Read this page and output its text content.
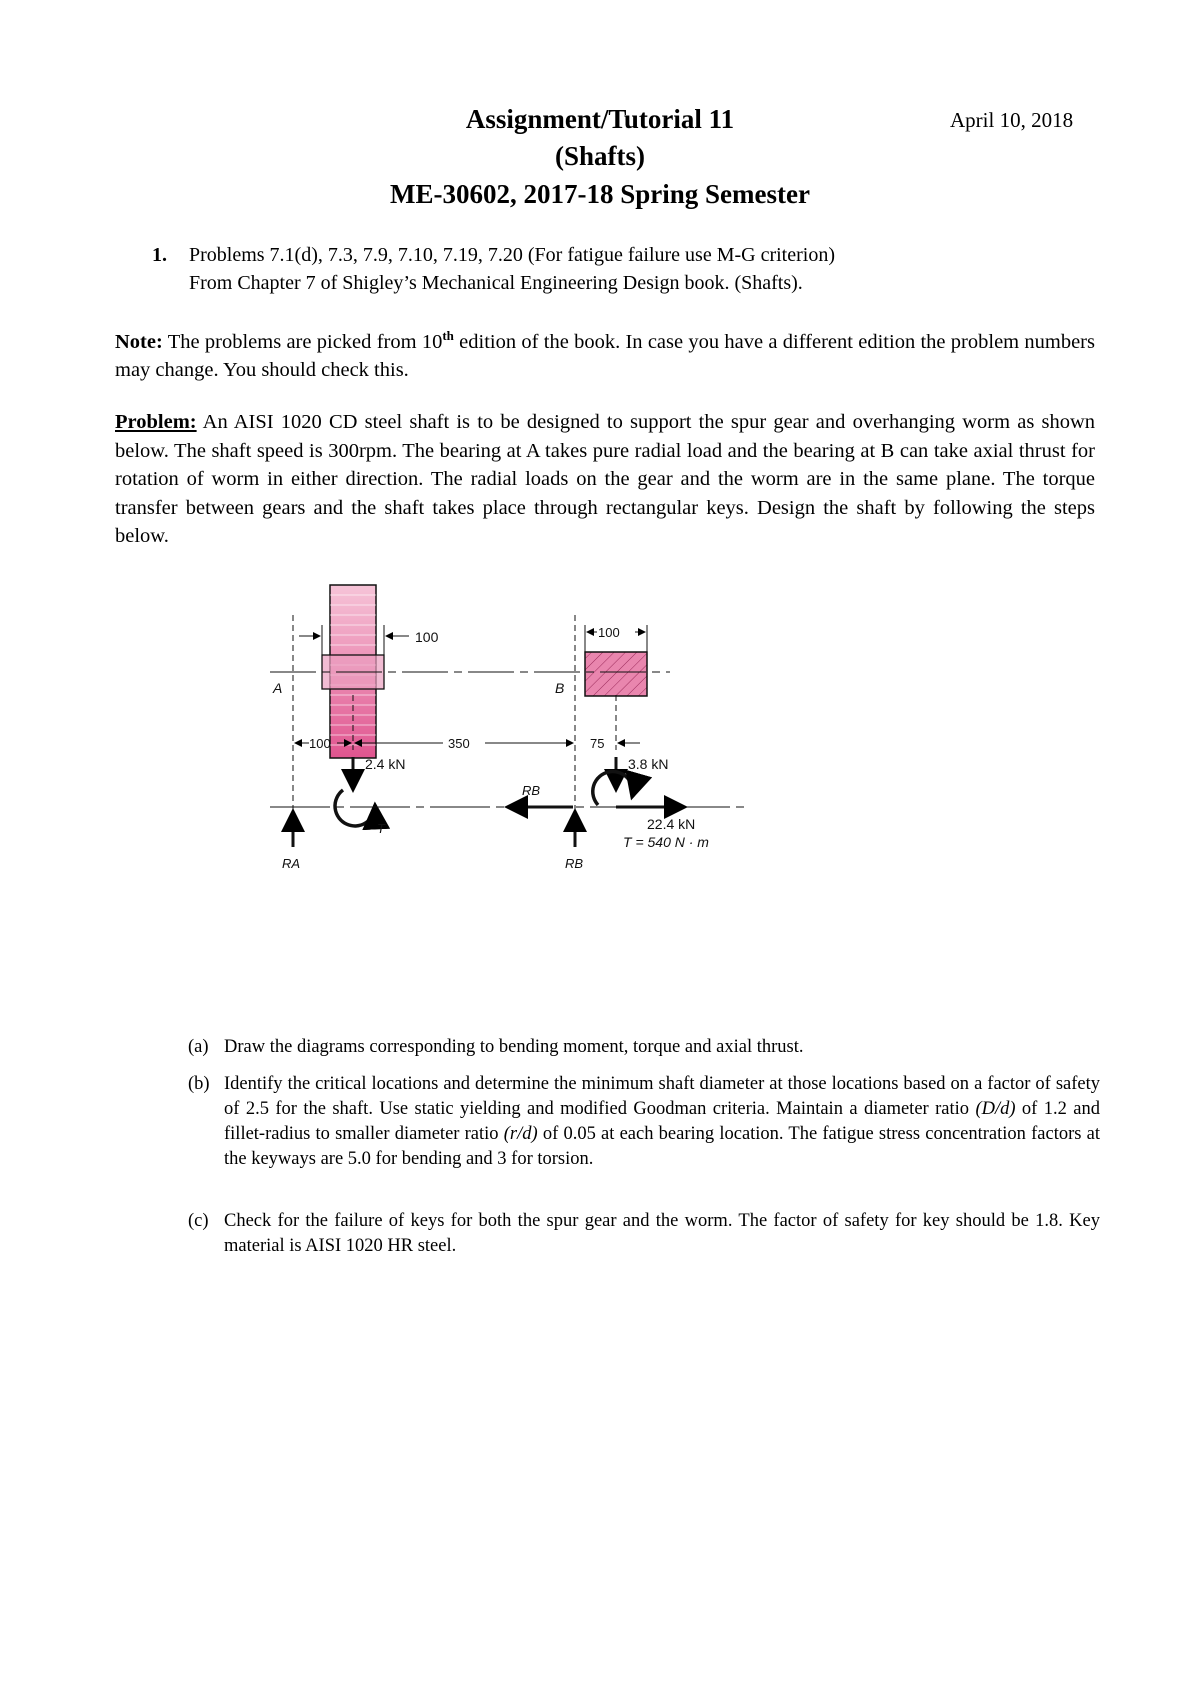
April 10, 2018
Assignment/Tutorial 11
(Shafts)
ME-30602, 2017-18 Spring Semester
1. Problems 7.1(d), 7.3, 7.9, 7.10, 7.19, 7.20 (For fatigue failure use M-G criterion)
From Chapter 7 of Shigley’s Mechanical Engineering Design book. (Shafts).
Note: The problems are picked from 10th edition of the book. In case you have a different edition the problem numbers may change. You should check this.
Problem: An AISI 1020 CD steel shaft is to be designed to support the spur gear and overhanging worm as shown below. The shaft speed is 300rpm. The bearing at A takes pure radial load and the bearing at B can take axial thrust for rotation of worm in either direction. The radial loads on the gear and the worm are in the same plane. The torque transfer between gears and the shaft takes place through rectangular keys. Design the shaft by following the steps below.
100	100
A	B
100	350	75
2.4 kN
T
3.8 kN
RB
22.4 kN
T = 540 N · m
RA	RB
(a) Draw the diagrams corresponding to bending moment, torque and axial thrust.
(b) Identify the critical locations and determine the minimum shaft diameter at those locations based on a factor of safety of 2.5 for the shaft. Use static yielding and modified Goodman criteria. Maintain a diameter ratio (D/d) of 1.2 and fillet-radius to smaller diameter ratio (r/d) of 0.05 at each bearing location. The fatigue stress concentration factors at the keyways are 5.0 for bending and 3 for torsion.
(c) Check for the failure of keys for both the spur gear and the worm. The factor of safety for key should be 1.8. Key material is AISI 1020 HR steel.
